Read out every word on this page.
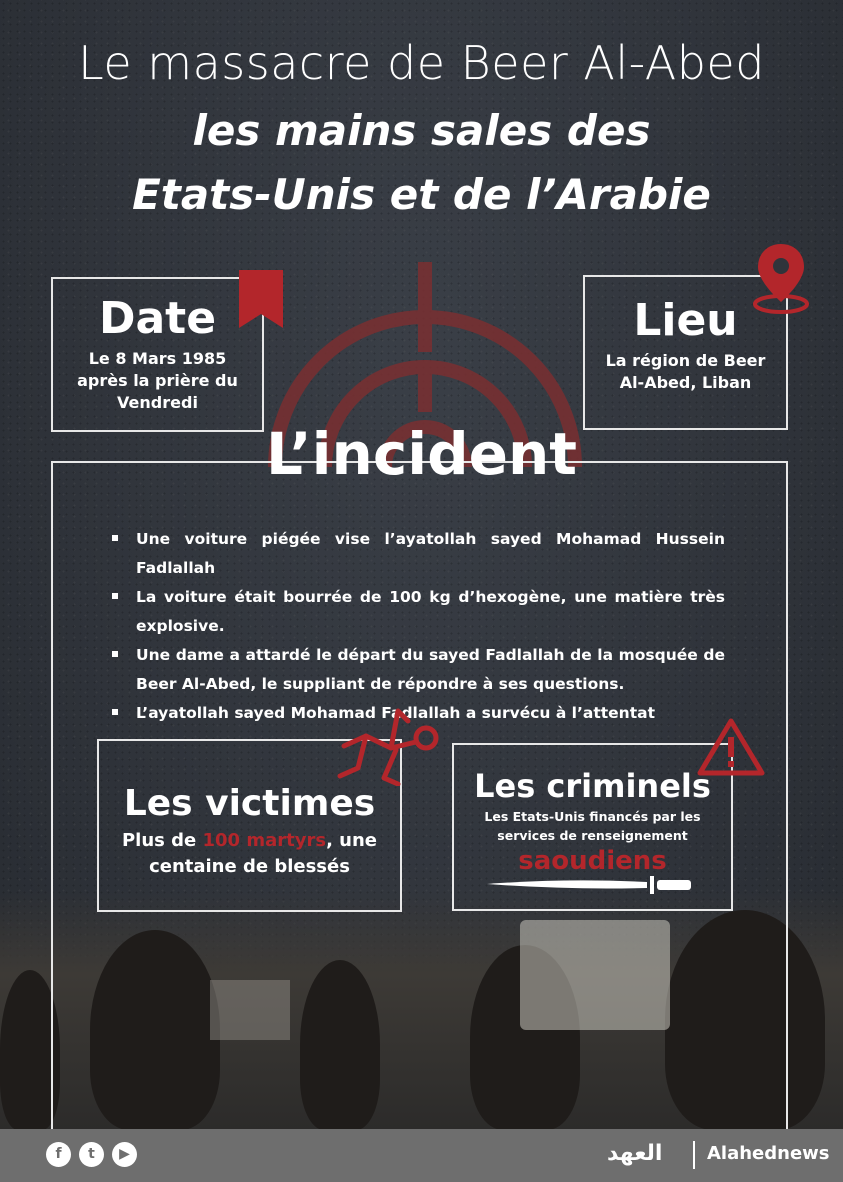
Le massacre de Beer Al-Abed
les mains sales des
Etats-Unis et de l’Arabie
Date
Le 8 Mars 1985
après la prière du
Vendredi
Lieu
La région de Beer
Al-Abed, Liban
L’incident
Une voiture piégée vise l’ayatollah sayed Mohamad Hussein Fadlallah
La voiture était bourrée de 100 kg d’hexogène, une matière très explosive.
Une dame a attardé le départ du sayed Fadlallah de la mosquée de Beer Al-Abed, le suppliant de répondre à ses questions.
L’ayatollah sayed Mohamad Fadlallah a survécu à l’attentat
Les victimes
Plus de 100 martyrs, une
centaine de blessés
Les criminels
Les Etats-Unis financés par les
services de renseignement
saoudiens
f	t	▶	العهد Alahednews
